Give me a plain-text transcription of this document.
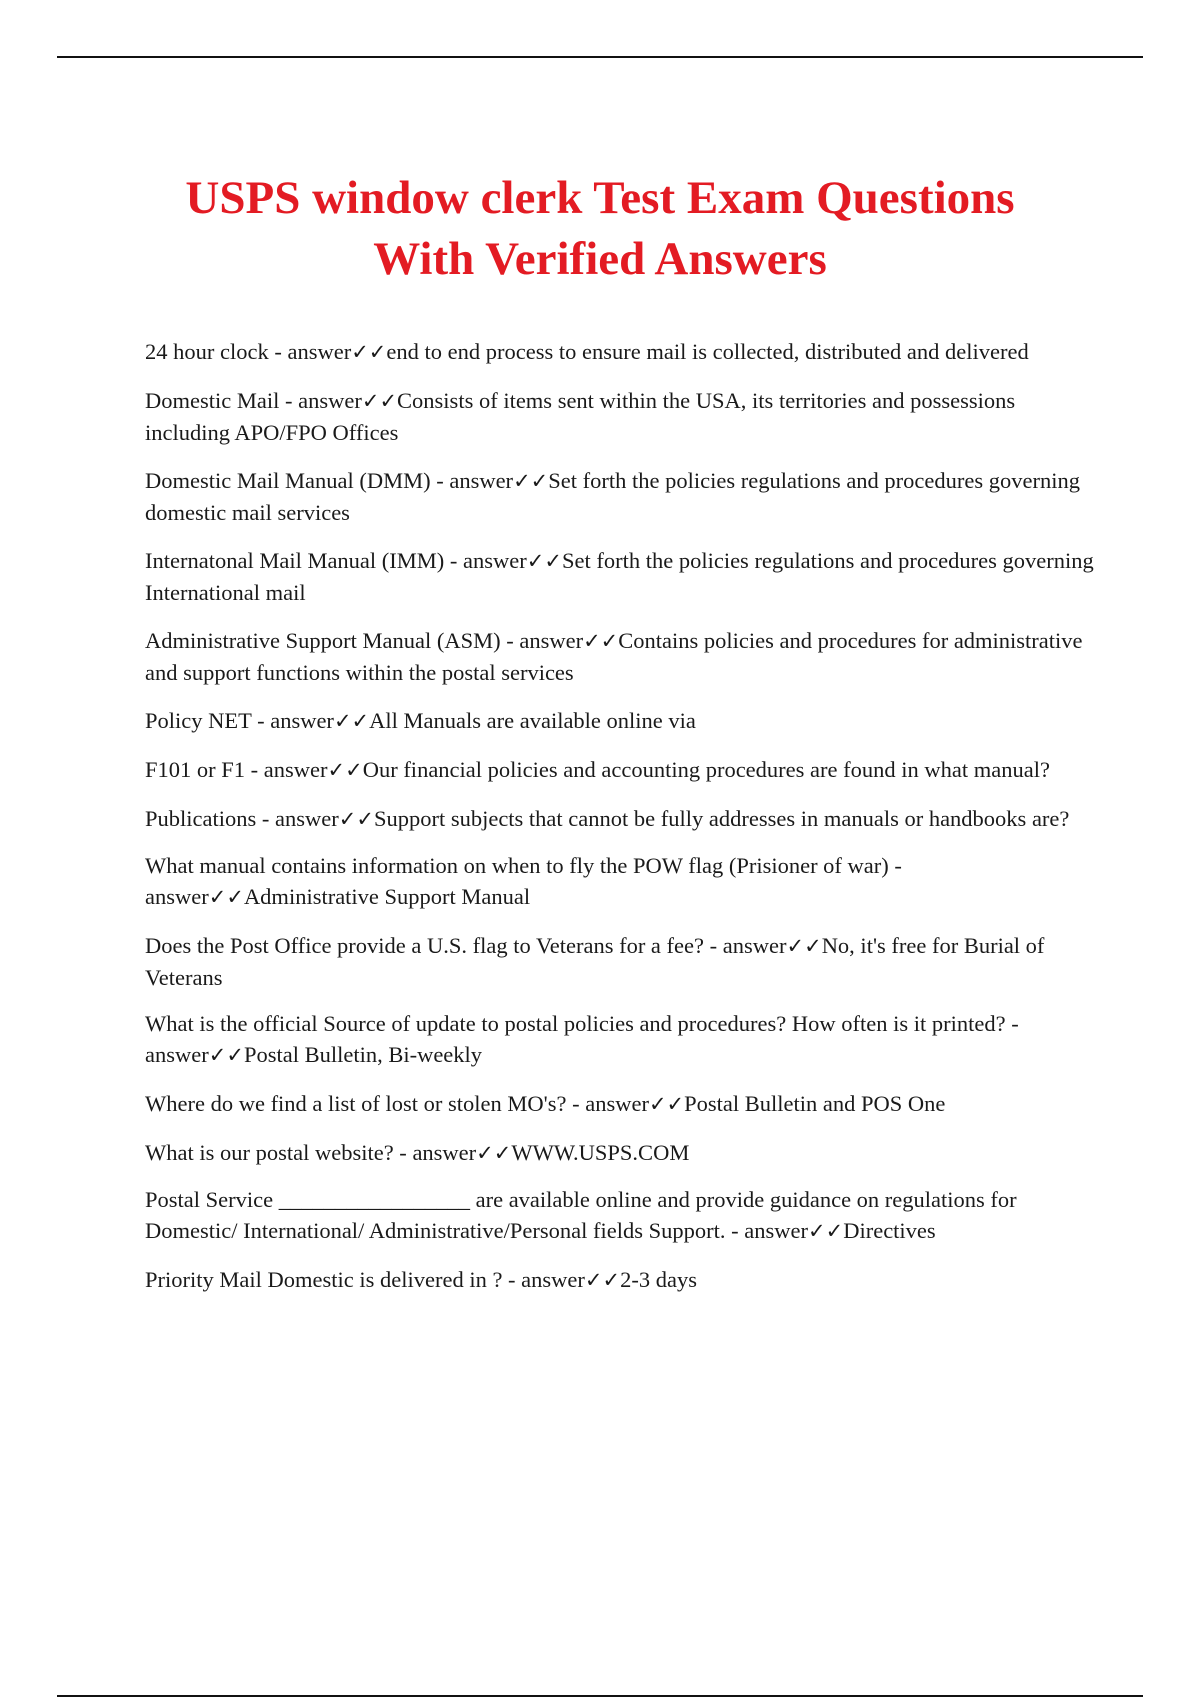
USPS window clerk Test Exam Questions
With Verified Answers
24 hour clock - answer✓✓end to end process to ensure mail is collected, distributed and delivered
Domestic Mail - answer✓✓Consists of items sent within the USA, its territories and possessions including APO/FPO Offices
Domestic Mail Manual (DMM) - answer✓✓Set forth the policies regulations and procedures governing domestic mail services
Internatonal Mail Manual (IMM) - answer✓✓Set forth the policies regulations and procedures governing International mail
Administrative Support Manual (ASM) - answer✓✓Contains policies and procedures for administrative and support functions within the postal services
Policy NET - answer✓✓All Manuals are available online via
F101 or F1 - answer✓✓Our financial policies and accounting procedures are found in what manual?
Publications - answer✓✓Support subjects that cannot be fully addresses in manuals or handbooks are?
What manual contains information on when to fly the POW flag (Prisioner of war) - answer✓✓Administrative Support Manual
Does the Post Office provide a U.S. flag to Veterans for a fee? - answer✓✓No, it's free for Burial of Veterans
What is the official Source of update to postal policies and procedures? How often is it printed? - answer✓✓Postal Bulletin, Bi-weekly
Where do we find a list of lost or stolen MO's? - answer✓✓Postal Bulletin and POS One
What is our postal website? - answer✓✓WWW.USPS.COM
Postal Service _________________ are available online and provide guidance on regulations for Domestic/ International/ Administrative/Personal fields Support. - answer✓✓Directives
Priority Mail Domestic is delivered in ? - answer✓✓2-3 days
